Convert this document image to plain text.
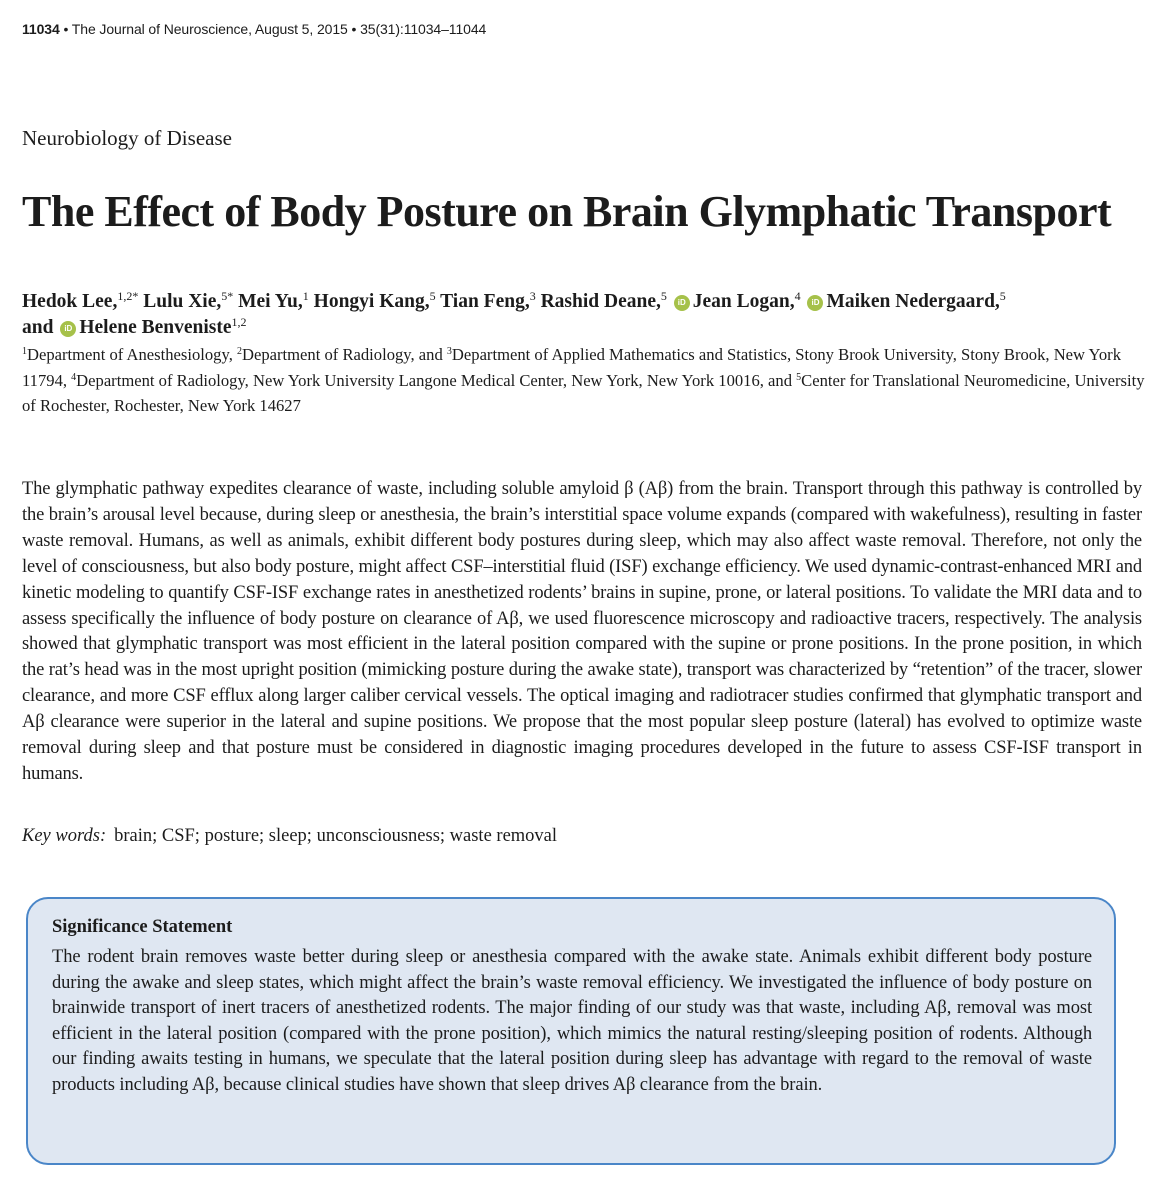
11034 • The Journal of Neuroscience, August 5, 2015 • 35(31):11034–11044
Neurobiology of Disease
The Effect of Body Posture on Brain Glymphatic Transport
Hedok Lee,$^{1,2*}$ Lulu Xie,$^{5*}$ Mei Yu,$^1$ Hongyi Kang,$^5$ Tian Feng,$^3$ Rashid Deane,$^5$ iD Jean Logan,$^4$ iD Maiken Nedergaard,$^5$
and iD Helene Benveniste$^{1,2}$
$^1$Department of Anesthesiology, $^2$Department of Radiology, and $^3$Department of Applied Mathematics and Statistics, Stony Brook University, Stony Brook, New York 11794, $^4$Department of Radiology, New York University Langone Medical Center, New York, New York 10016, and $^5$Center for Translational Neuromedicine, University of Rochester, Rochester, New York 14627

The glymphatic pathway expedites clearance of waste, including soluble amyloid β (Aβ) from the brain. Transport through this pathway is controlled by the brain’s arousal level because, during sleep or anesthesia, the brain’s interstitial space volume expands (compared with wakefulness), resulting in faster waste removal. Humans, as well as animals, exhibit different body postures during sleep, which may also affect waste removal. Therefore, not only the level of consciousness, but also body posture, might affect CSF–interstitial fluid (ISF) exchange efficiency. We used dynamic-contrast-enhanced MRI and kinetic modeling to quantify CSF-ISF exchange rates in anesthetized rodents’ brains in supine, prone, or lateral positions. To validate the MRI data and to assess specifically the influence of body posture on clearance of Aβ, we used fluorescence microscopy and radioactive tracers, respectively. The analysis showed that glymphatic transport was most efficient in the lateral position compared with the supine or prone positions. In the prone position, in which the rat’s head was in the most upright position (mimicking posture during the awake state), transport was characterized by “retention” of the tracer, slower clearance, and more CSF efflux along larger caliber cervical vessels. The optical imaging and radiotracer studies confirmed that glymphatic transport and Aβ clearance were superior in the lateral and supine positions. We propose that the most popular sleep posture (lateral) has evolved to optimize waste removal during sleep and that posture must be considered in diagnostic imaging procedures developed in the future to assess CSF-ISF transport in humans.

Key words: brain; CSF; posture; sleep; unconsciousness; waste removal
Significance Statement

The rodent brain removes waste better during sleep or anesthesia compared with the awake state. Animals exhibit different body posture during the awake and sleep states, which might affect the brain’s waste removal efficiency. We investigated the influence of body posture on brainwide transport of inert tracers of anesthetized rodents. The major finding of our study was that waste, including Aβ, removal was most efficient in the lateral position (compared with the prone position), which mimics the natural resting/sleeping position of rodents. Although our finding awaits testing in humans, we speculate that the lateral position during sleep has advantage with regard to the removal of waste products including Aβ, because clinical studies have shown that sleep drives Aβ clearance from the brain.
